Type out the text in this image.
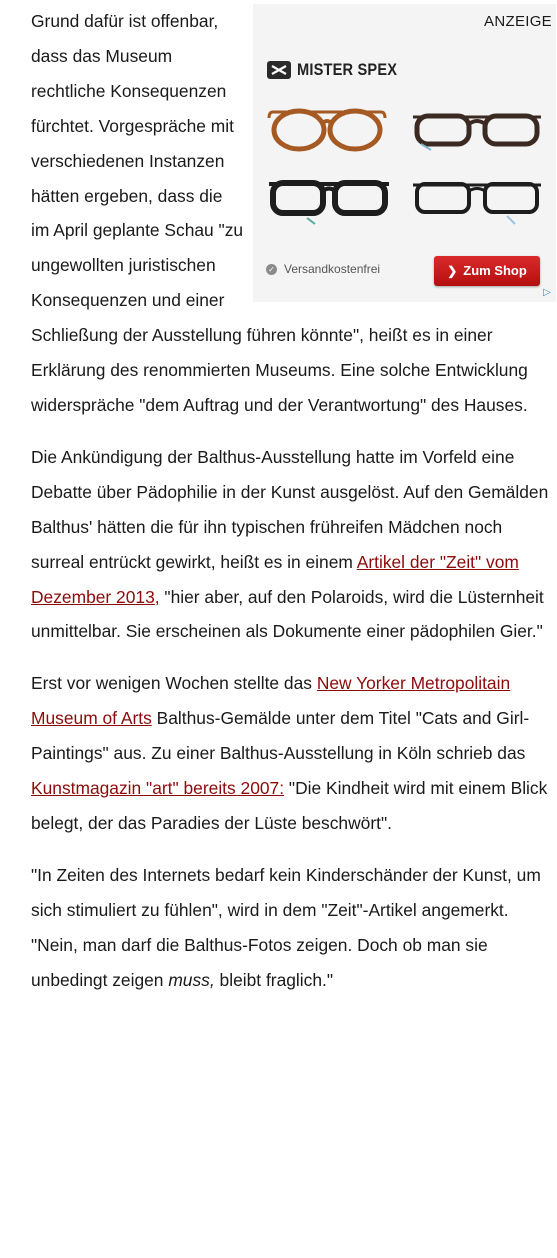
ANZEIGE
MISTER SPEX
✓ Versandkostenfrei	❯ Zum Shop
▷

Grund dafür ist offenbar, dass das Museum rechtliche Konsequenzen fürchtet. Vorgespräche mit verschiedenen Instanzen hätten ergeben, dass die im April geplante Schau "zu ungewollten juristischen Konsequenzen und einer Schließung der Ausstellung führen könnte", heißt es in einer Erklärung des renommierten Museums. Eine solche Entwicklung widerspräche "dem Auftrag und der Verantwortung" des Hauses.

Die Ankündigung der Balthus-Ausstellung hatte im Vorfeld eine Debatte über Pädophilie in der Kunst ausgelöst. Auf den Gemälden Balthus' hätten die für ihn typischen frühreifen Mädchen noch surreal entrückt gewirkt, heißt es in einem Artikel der "Zeit" vom Dezember 2013, "hier aber, auf den Polaroids, wird die Lüsternheit unmittelbar. Sie erscheinen als Dokumente einer pädophilen Gier."

Erst vor wenigen Wochen stellte das New Yorker Metropolitain Museum of Arts Balthus-Gemälde unter dem Titel "Cats and Girl-Paintings" aus. Zu einer Balthus-Ausstellung in Köln schrieb das Kunstmagazin "art" bereits 2007: "Die Kindheit wird mit einem Blick belegt, der das Paradies der Lüste beschwört".

"In Zeiten des Internets bedarf kein Kinderschänder der Kunst, um sich stimuliert zu fühlen", wird in dem "Zeit"-Artikel angemerkt. "Nein, man darf die Balthus-Fotos zeigen. Doch ob man sie unbedingt zeigen muss, bleibt fraglich."
